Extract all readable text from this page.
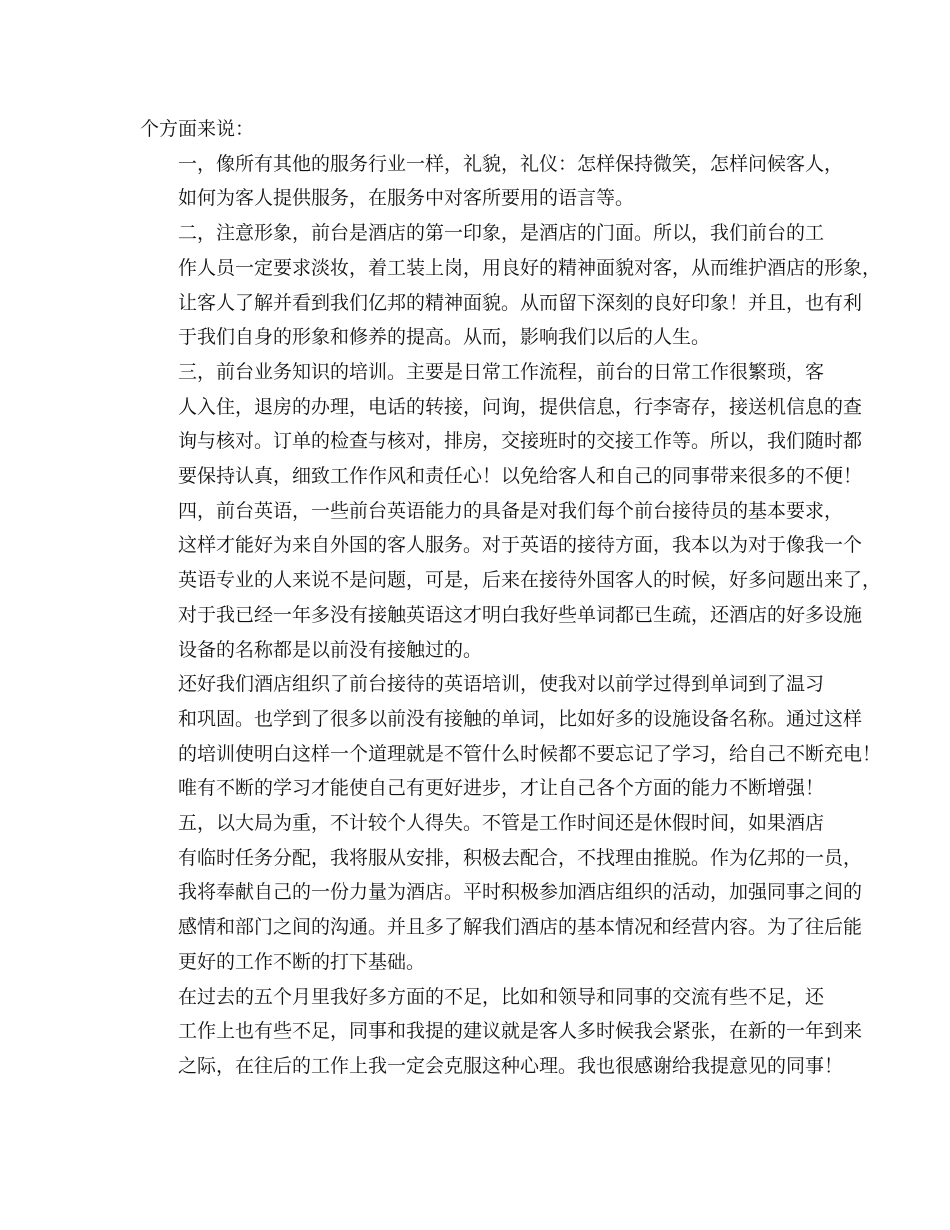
个方面来说：
一，像所有其他的服务行业一样，礼貌，礼仪：怎样保持微笑，怎样问候客人，
如何为客人提供服务，在服务中对客所要用的语言等。
二，注意形象，前台是酒店的第一印象，是酒店的门面。所以，我们前台的工
作人员一定要求淡妆，着工装上岗，用良好的精神面貌对客，从而维护酒店的形象，
让客人了解并看到我们亿邦的精神面貌。从而留下深刻的良好印象！并且，也有利
于我们自身的形象和修养的提高。从而，影响我们以后的人生。
三，前台业务知识的培训。主要是日常工作流程，前台的日常工作很繁琐，客
人入住，退房的办理，电话的转接，问询，提供信息，行李寄存，接送机信息的查
询与核对。订单的检查与核对，排房，交接班时的交接工作等。所以，我们随时都
要保持认真，细致工作作风和责任心！以免给客人和自己的同事带来很多的不便！
四，前台英语，一些前台英语能力的具备是对我们每个前台接待员的基本要求，
这样才能好为来自外国的客人服务。对于英语的接待方面，我本以为对于像我一个
英语专业的人来说不是问题，可是，后来在接待外国客人的时候，好多问题出来了，
对于我已经一年多没有接触英语这才明白我好些单词都已生疏，还酒店的好多设施
设备的名称都是以前没有接触过的。
还好我们酒店组织了前台接待的英语培训，使我对以前学过得到单词到了温习
和巩固。也学到了很多以前没有接触的单词，比如好多的设施设备名称。通过这样
的培训使明白这样一个道理就是不管什么时候都不要忘记了学习，给自己不断充电！
唯有不断的学习才能使自己有更好进步，才让自己各个方面的能力不断增强！
五，以大局为重，不计较个人得失。不管是工作时间还是休假时间，如果酒店
有临时任务分配，我将服从安排，积极去配合，不找理由推脱。作为亿邦的一员，
我将奉献自己的一份力量为酒店。平时积极参加酒店组织的活动，加强同事之间的
感情和部门之间的沟通。并且多了解我们酒店的基本情况和经营内容。为了往后能
更好的工作不断的打下基础。
在过去的五个月里我好多方面的不足，比如和领导和同事的交流有些不足，还
工作上也有些不足，同事和我提的建议就是客人多时候我会紧张，在新的一年到来
之际，在往后的工作上我一定会克服这种心理。我也很感谢给我提意见的同事！
